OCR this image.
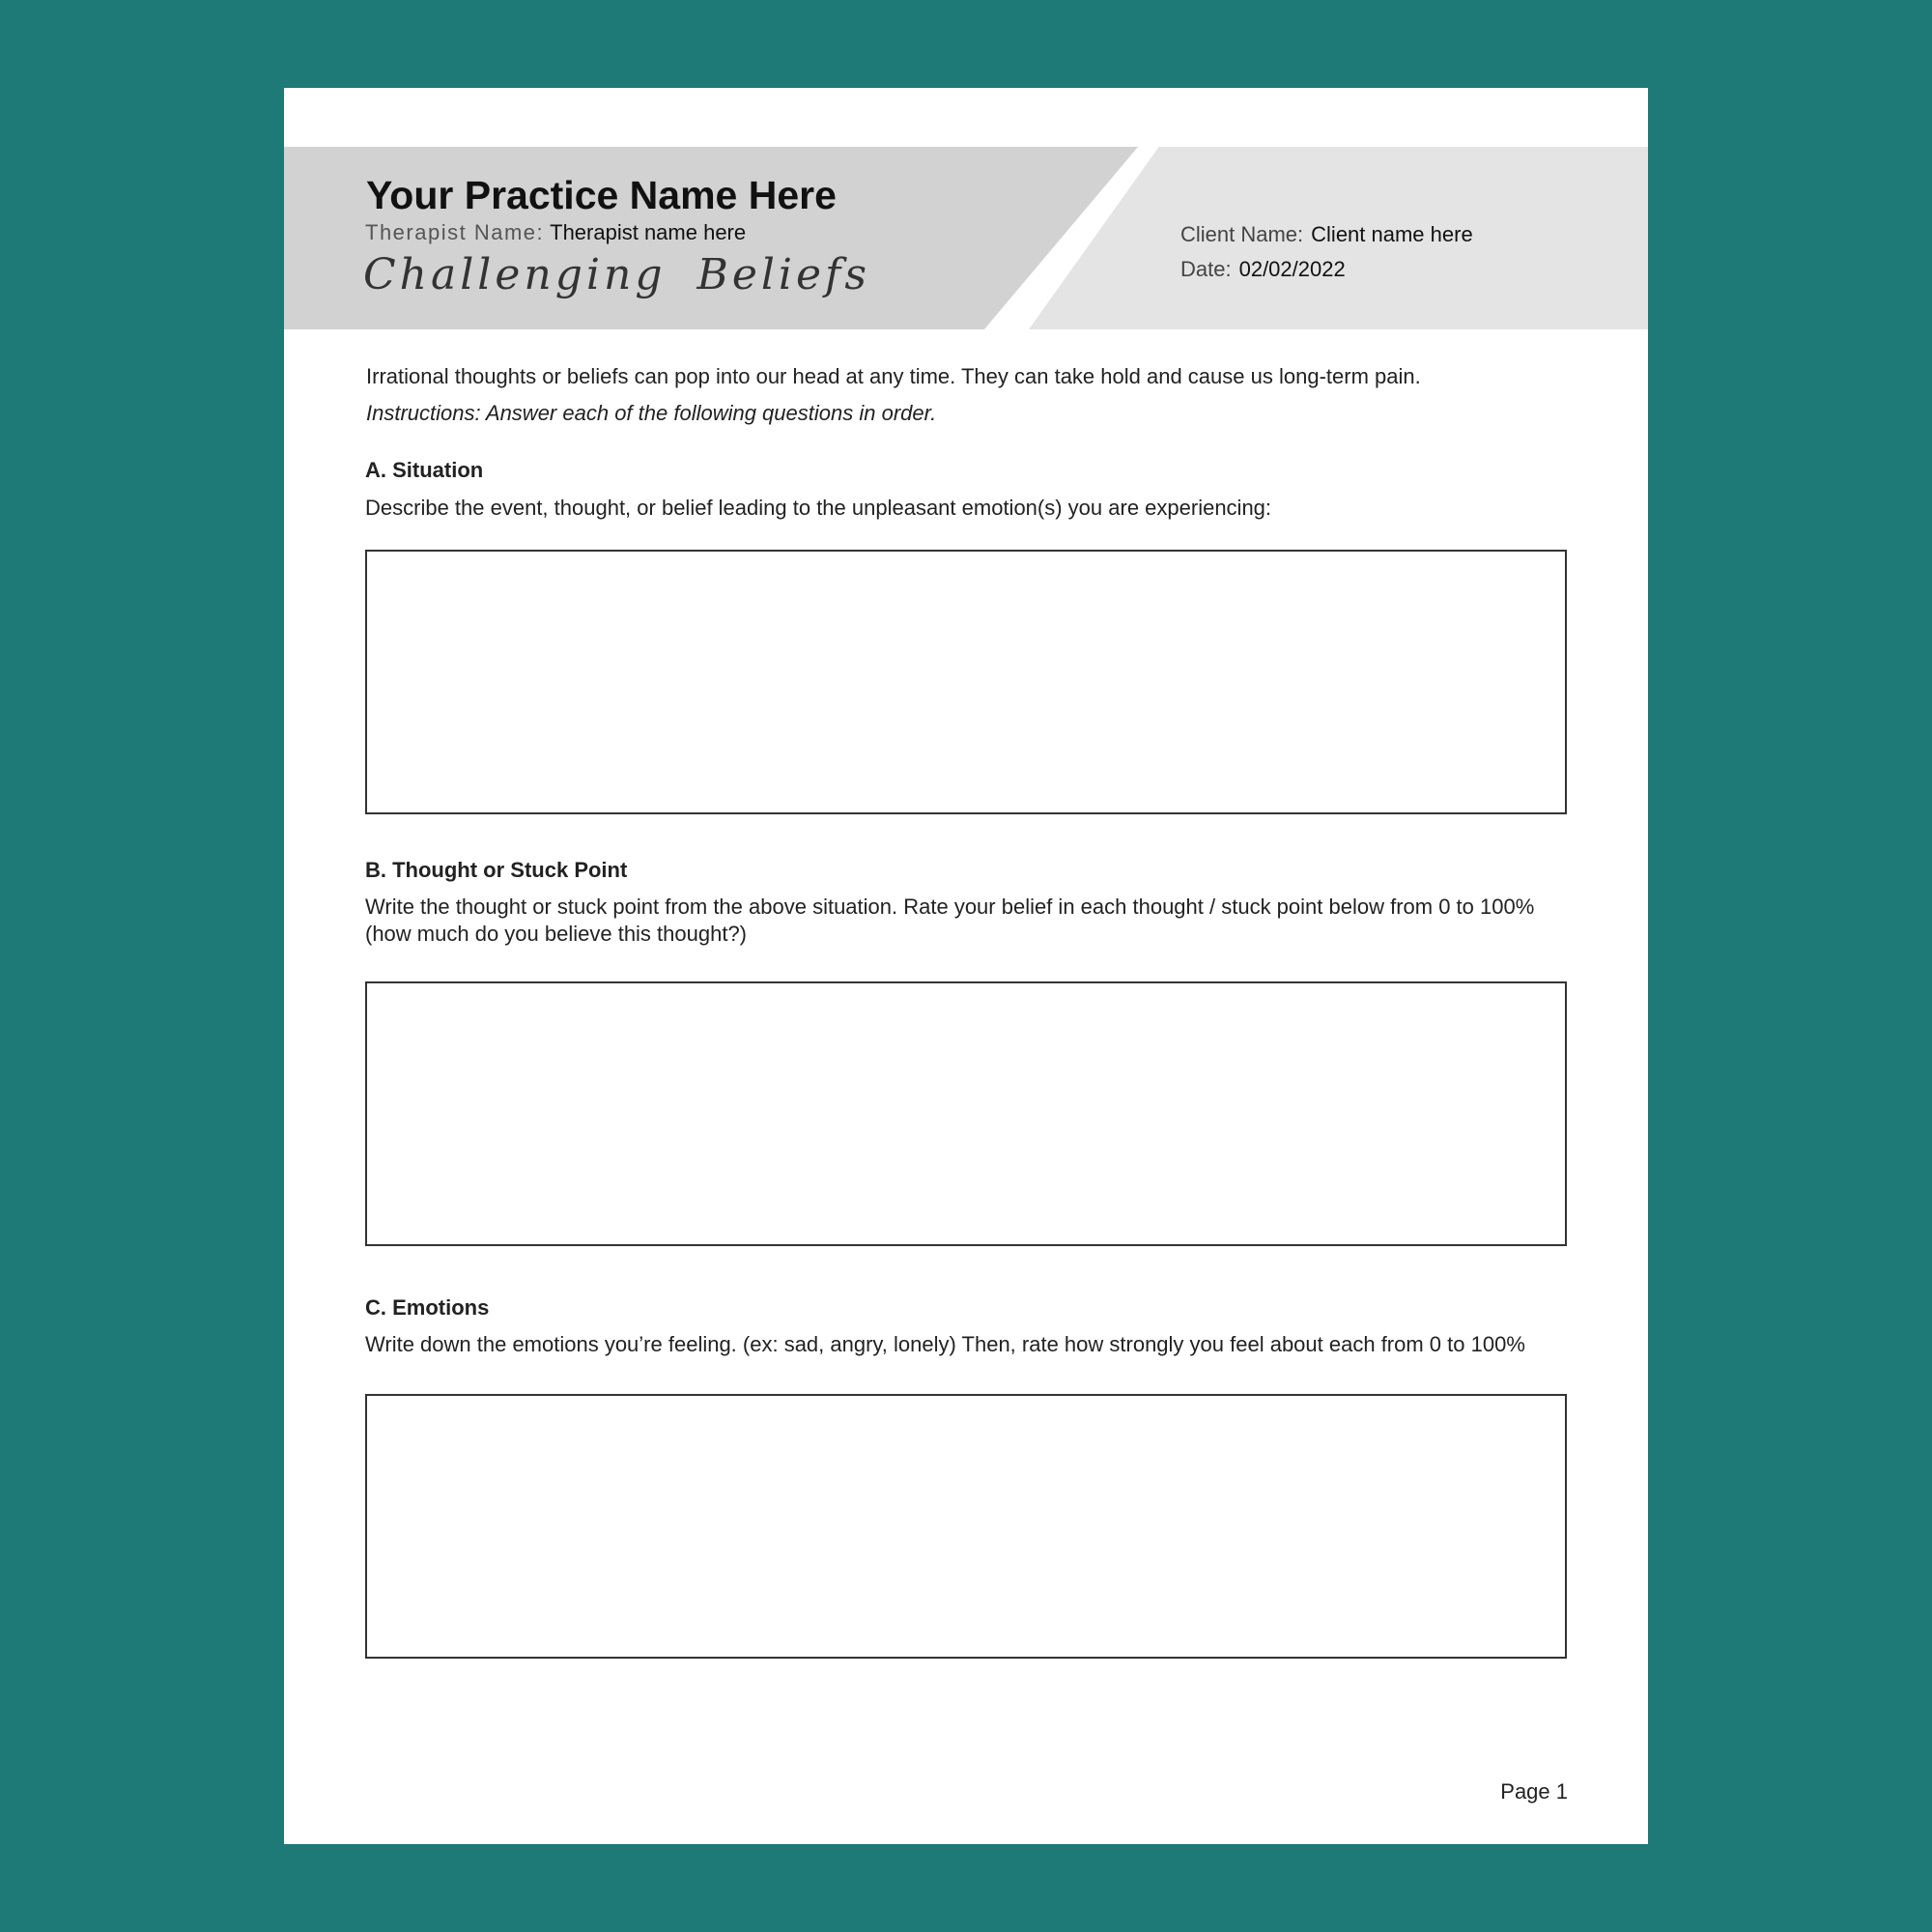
Your Practice Name Here
Therapist Name: Therapist name here
Challenging Beliefs
Client Name: Client name here
Date: 02/02/2022
Irrational thoughts or beliefs can pop into our head at any time. They can take hold and cause us long-term pain.
Instructions: Answer each of the following questions in order.
A. Situation
Describe the event, thought, or belief leading to the unpleasant emotion(s) you are experiencing:
B. Thought or Stuck Point
Write the thought or stuck point from the above situation. Rate your belief in each thought / stuck point below from 0 to 100% (how much do you believe this thought?)
C. Emotions
Write down the emotions you’re feeling. (ex: sad, angry, lonely) Then, rate how strongly you feel about each from 0 to 100%
Page 1
